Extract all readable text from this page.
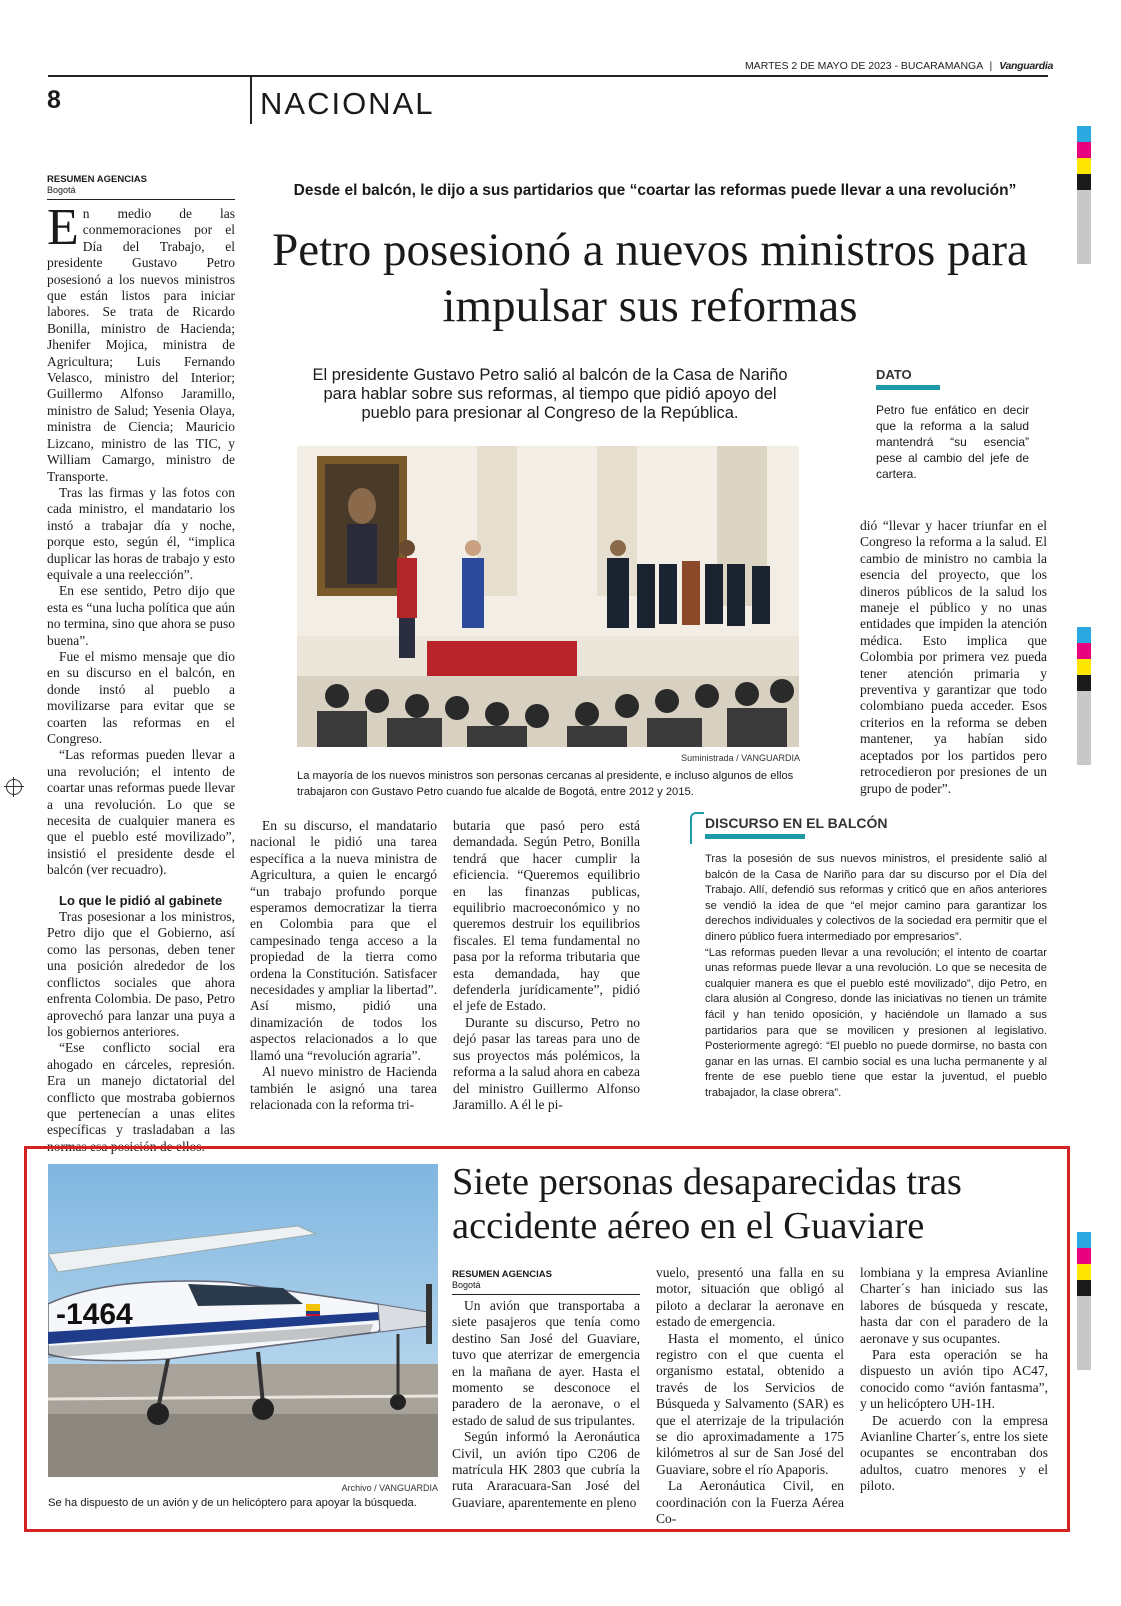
MARTES 2 DE MAYO DE 2023 - BUCARAMANGA | Vanguardia
8	NACIONAL
RESUMEN AGENCIAS
Bogotá

En medio de las conmemoraciones por el Día del Trabajo, el presidente Gustavo Petro posesionó a los nuevos ministros que están listos para iniciar labores. Se trata de Ricardo Bonilla, ministro de Hacienda; Jhenifer Mojica, ministra de Agricultura; Luis Fernando Velasco, ministro del Interior; Guillermo Alfonso Jaramillo, ministro de Salud; Yesenia Olaya, ministra de Ciencia; Mauricio Lizcano, ministro de las TIC, y William Camargo, ministro de Transporte.

Tras las firmas y las fotos con cada ministro, el mandatario los instó a trabajar día y noche, porque esto, según él, “implica duplicar las horas de trabajo y esto equivale a una reelección”.

En ese sentido, Petro dijo que esta es “una lucha política que aún no termina, sino que ahora se puso buena”.

Fue el mismo mensaje que dio en su discurso en el balcón, en donde instó al pueblo a movilizarse para evitar que se coarten las reformas en el Congreso.

“Las reformas pueden llevar a una revolución; el intento de coartar unas reformas puede llevar a una revolución. Lo que se necesita de cualquier manera es que el pueblo esté movilizado”, insistió el presidente desde el balcón (ver recuadro).

Lo que le pidió al gabinete

Tras posesionar a los ministros, Petro dijo que el Gobierno, así como las personas, deben tener una posición alrededor de los conflictos sociales que ahora enfrenta Colombia. De paso, Petro aprovechó para lanzar una puya a los gobiernos anteriores.

“Ese conflicto social era ahogado en cárceles, represión. Era un manejo dictatorial del conflicto que mostraba gobiernos que pertenecían a unas elites específicas y trasladaban a las normas esa posición de ellos.

Desde el balcón, le dijo a sus partidarios que “coartar las reformas puede llevar a una revolución”
Petro posesionó a nuevos ministros para impulsar sus reformas
El presidente Gustavo Petro salió al balcón de la Casa de Nariño para hablar sobre sus reformas, al tiempo que pidió apoyo del pueblo para presionar al Congreso de la República.
DATO
Petro fue enfático en decir que la reforma a la salud mantendrá “su esencia” pese al cambio del jefe de cartera.
Suministrada / VANGUARDIA
La mayoría de los nuevos ministros son personas cercanas al presidente, e incluso algunos de ellos trabajaron con Gustavo Petro cuando fue alcalde de Bogotá, entre 2012 y 2015.

En su discurso, el mandatario nacional le pidió una tarea específica a la nueva ministra de Agricultura, a quien le encargó “un trabajo profundo porque esperamos democratizar la tierra en Colombia para que el campesinado tenga acceso a la propiedad de la tierra como ordena la Constitución. Satisfacer necesidades y ampliar la libertad”. Así mismo, pidió una dinamización de todos los aspectos relacionados a lo que llamó una “revolución agraria”.

Al nuevo ministro de Hacienda también le asignó una tarea relacionada con la reforma tri-

butaria que pasó pero está demandada. Según Petro, Bonilla tendrá que hacer cumplir la eficiencia. “Queremos equilibrio en las finanzas publicas, equilibrio macroeconómico y no queremos destruir los equilibrios fiscales. El tema fundamental no pasa por la reforma tributaria que esta demandada, hay que defenderla jurídicamente”, pidió el jefe de Estado.

Durante su discurso, Petro no dejó pasar las tareas para uno de sus proyectos más polémicos, la reforma a la salud ahora en cabeza del ministro Guillermo Alfonso Jaramillo. A él le pi-

dió “llevar y hacer triunfar en el Congreso la reforma a la salud. El cambio de ministro no cambia la esencia del proyecto, que los dineros públicos de la salud los maneje el público y no unas entidades que impiden la atención médica. Esto implica que Colombia por primera vez pueda tener atención primaria y preventiva y garantizar que todo colombiano pueda acceder. Esos criterios en la reforma se deben mantener, ya habían sido aceptados por los partidos pero retrocedieron por presiones de un grupo de poder”.

DISCURSO EN EL BALCÓN
Tras la posesión de sus nuevos ministros, el presidente salió al balcón de la Casa de Nariño para dar su discurso por el Día del Trabajo. Allí, defendió sus reformas y criticó que en años anteriores se vendió la idea de que “el mejor camino para garantizar los derechos individuales y colectivos de la sociedad era permitir que el dinero público fuera intermediado por empresarios”.
“Las reformas pueden llevar a una revolución; el intento de coartar unas reformas puede llevar a una revolución. Lo que se necesita de cualquier manera es que el pueblo esté movilizado”, dijo Petro, en clara alusión al Congreso, donde las iniciativas no tienen un trámite fácil y han tenido oposición, y haciéndole un llamado a sus partidarios para que se movilicen y presionen al legislativo. Posteriormente agregó: “El pueblo no puede dormirse, no basta con ganar en las urnas. El cambio social es una lucha permanente y al frente de ese pueblo tiene que estar la juventud, el pueblo trabajador, la clase obrera”.
-1464
Archivo / VANGUARDIA
Se ha dispuesto de un avión y de un helicóptero para apoyar la búsqueda.
Siete personas desaparecidas tras accidente aéreo en el Guaviare
RESUMEN AGENCIAS
Bogotá

Un avión que transportaba a siete pasajeros que tenía como destino San José del Guaviare, tuvo que aterrizar de emergencia en la mañana de ayer. Hasta el momento se desconoce el paradero de la aeronave, o el estado de salud de sus tripulantes.

Según informó la Aeronáutica Civil, un avión tipo C206 de matrícula HK 2803 que cubría la ruta Araracuara-San José del Guaviare, aparentemente en pleno

vuelo, presentó una falla en su motor, situación que obligó al piloto a declarar la aeronave en estado de emergencia.

Hasta el momento, el único registro con el que cuenta el organismo estatal, obtenido a través de los Servicios de Búsqueda y Salvamento (SAR) es que el aterrizaje de la tripulación se dio aproximadamente a 175 kilómetros al sur de San José del Guaviare, sobre el río Apaporis.

La Aeronáutica Civil, en coordinación con la Fuerza Aérea Co-

lombiana y la empresa Avianline Charter´s han iniciado sus las labores de búsqueda y rescate, hasta dar con el paradero de la aeronave y sus ocupantes.

Para esta operación se ha dispuesto un avión tipo AC47, conocido como “avión fantasma”, y un helicóptero UH-1H.

De acuerdo con la empresa Avianline Charter´s, entre los siete ocupantes se encontraban dos adultos, cuatro menores y el piloto.
